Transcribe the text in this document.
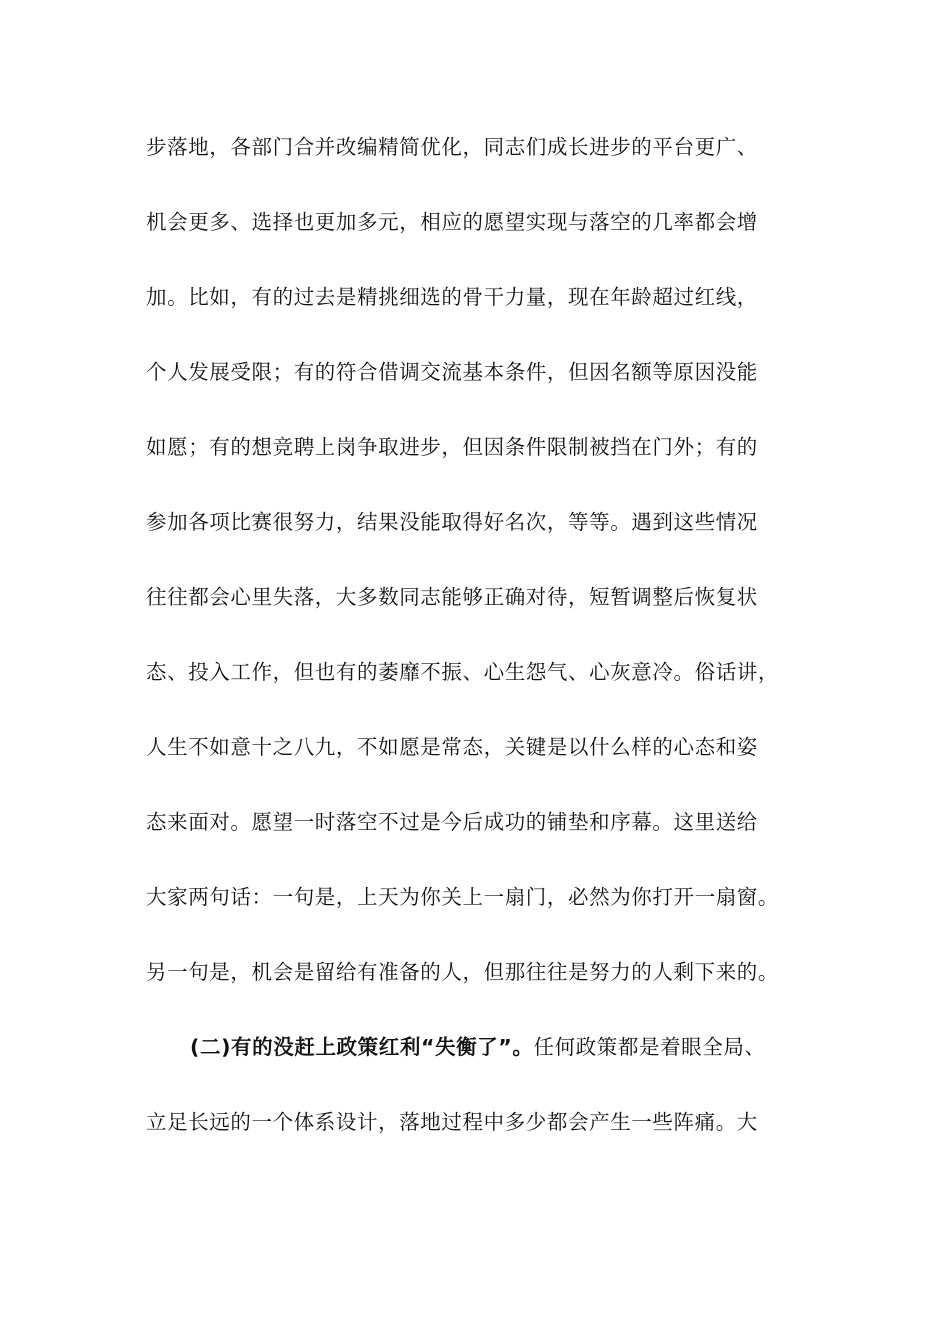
步落地，各部门合并改编精简优化，同志们成长进步的平台更广、
机会更多、选择也更加多元，相应的愿望实现与落空的几率都会增
加。比如，有的过去是精挑细选的骨干力量，现在年龄超过红线，
个人发展受限；有的符合借调交流基本条件，但因名额等原因没能
如愿；有的想竞聘上岗争取进步，但因条件限制被挡在门外；有的
参加各项比赛很努力，结果没能取得好名次，等等。遇到这些情况
往往都会心里失落，大多数同志能够正确对待，短暂调整后恢复状
态、投入工作，但也有的萎靡不振、心生怨气、心灰意冷。俗话讲，
人生不如意十之八九，不如愿是常态，关键是以什么样的心态和姿
态来面对。愿望一时落空不过是今后成功的铺垫和序幕。这里送给
大家两句话：一句是，上天为你关上一扇门，必然为你打开一扇窗。
另一句是，机会是留给有准备的人，但那往往是努力的人剩下来的。
(二)有的没赶上政策红利“失衡了”。任何政策都是着眼全局、
立足长远的一个体系设计，落地过程中多少都会产生一些阵痛。大
